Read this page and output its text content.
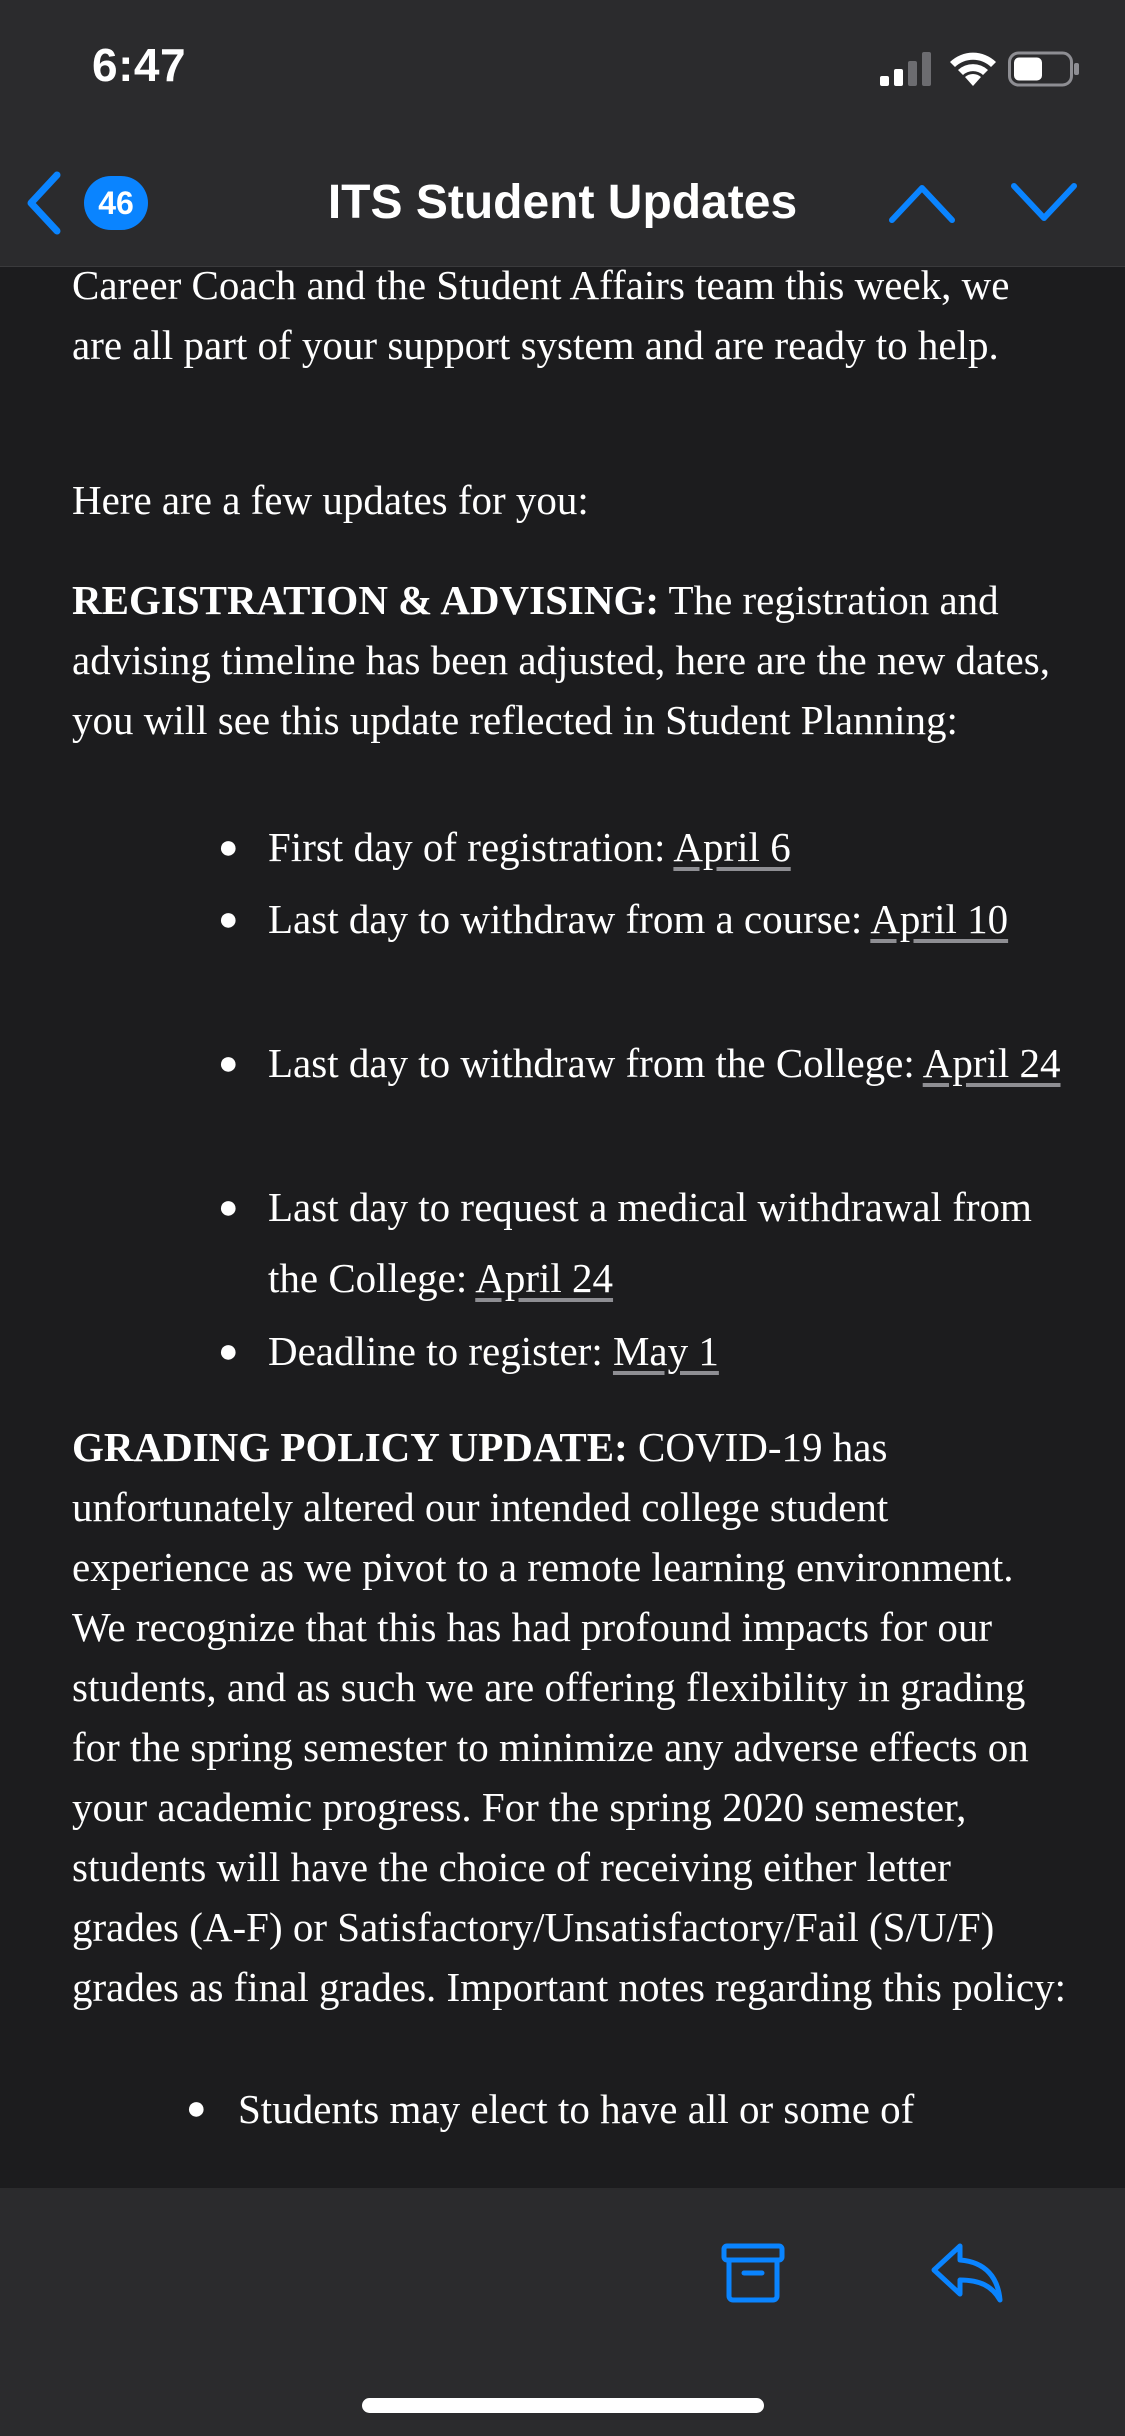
6:47
46	ITS Student Updates

Career Coach and the Student Affairs team this week, we are all part of your support system and are ready to help.

Here are a few updates for you:

REGISTRATION & ADVISING: The registration and advising timeline has been adjusted, here are the new dates, you will see this update reflected in Student Planning:

● First day of registration: April 6
● Last day to withdraw from a course: April 10
● Last day to withdraw from the College: April 24
● Last day to request a medical withdrawal from the College: April 24
● Deadline to register: May 1

GRADING POLICY UPDATE: COVID-19 has unfortunately altered our intended college student experience as we pivot to a remote learning environment. We recognize that this has had profound impacts for our students, and as such we are offering flexibility in grading for the spring semester to minimize any adverse effects on your academic progress. For the spring 2020 semester, students will have the choice of receiving either letter grades (A-F) or Satisfactory/Unsatisfactory/Fail (S/U/F) grades as final grades. Important notes regarding this policy:

● Students may elect to have all or some of
